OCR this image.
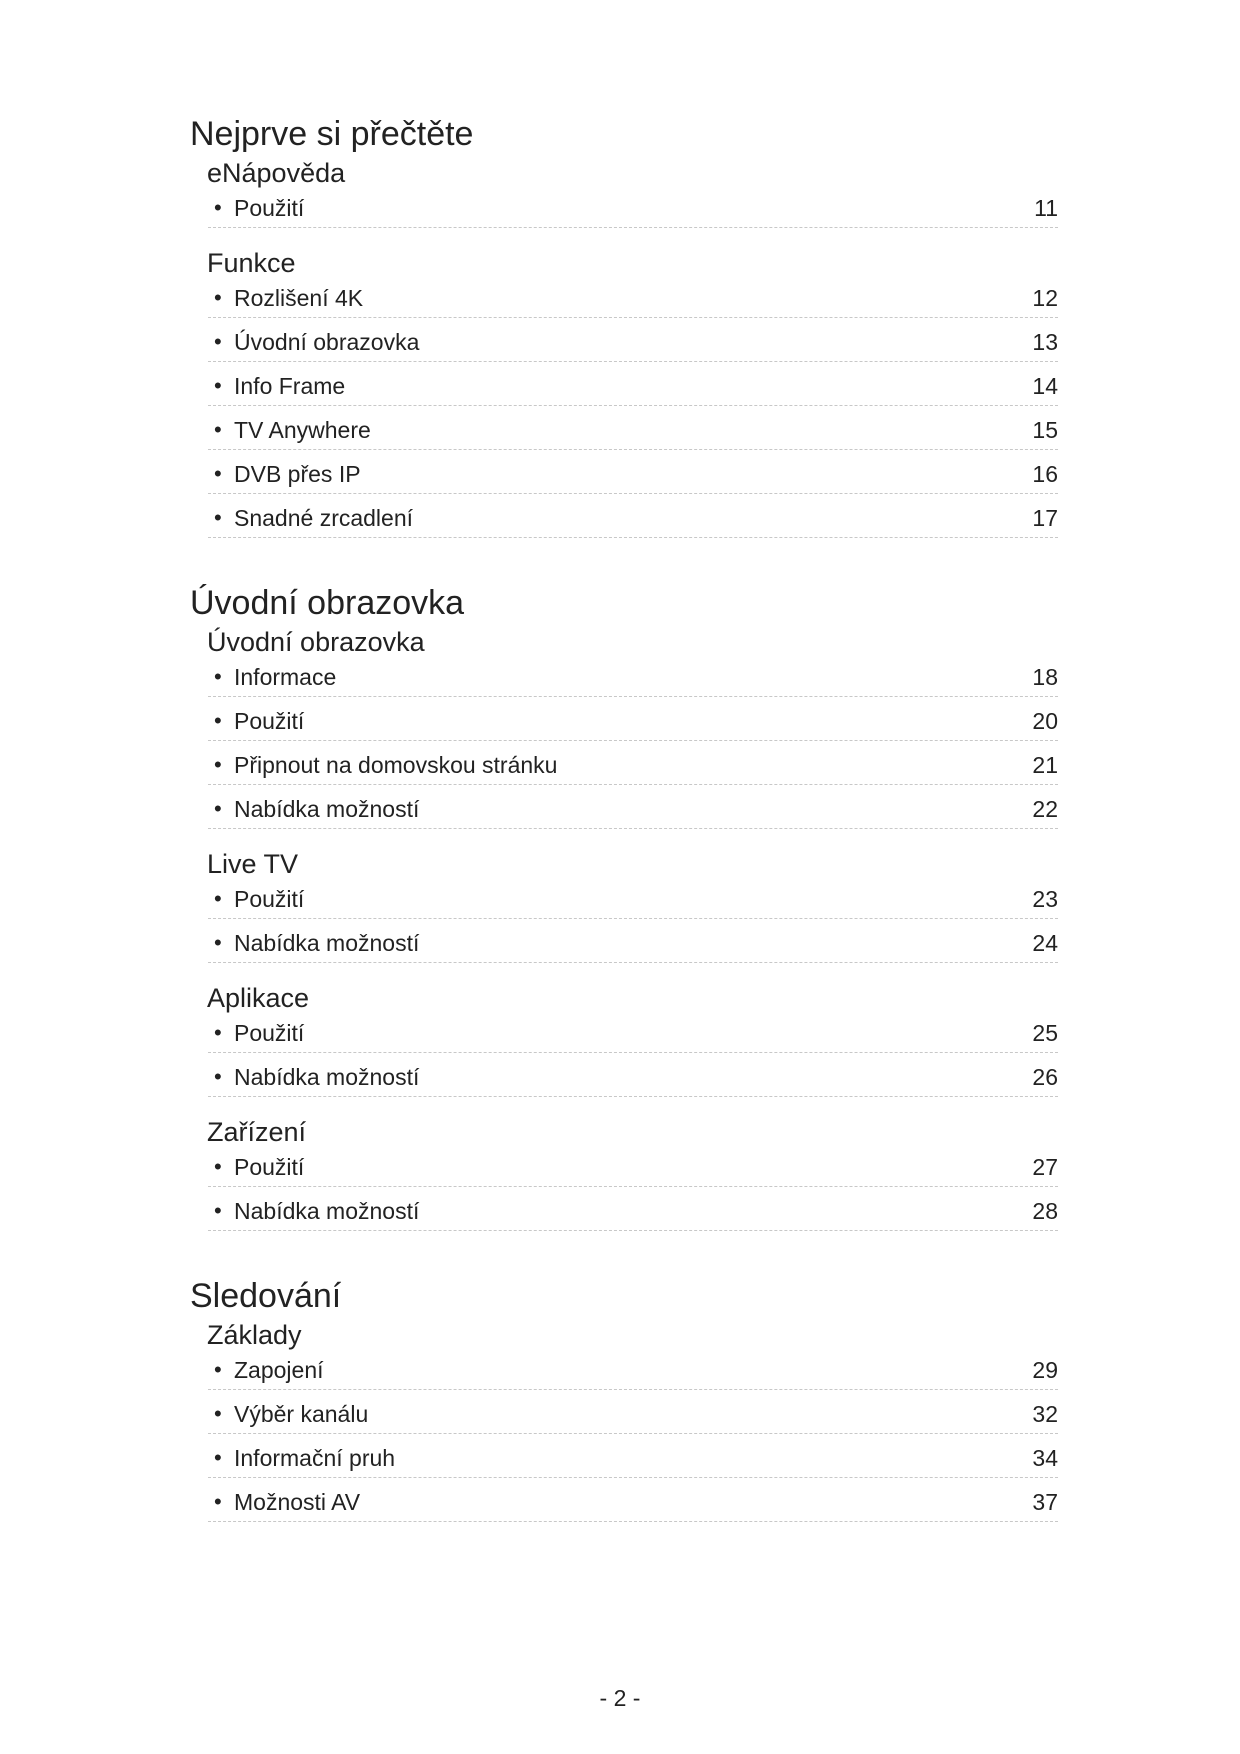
Nejprve si přečtěte
eNápověda
• Použití	11
Funkce
• Rozlišení 4K	12
• Úvodní obrazovka	13
• Info Frame	14
• TV Anywhere	15
• DVB přes IP	16
• Snadné zrcadlení	17
Úvodní obrazovka
Úvodní obrazovka
• Informace	18
• Použití	20
• Připnout na domovskou stránku	21
• Nabídka možností	22
Live TV
• Použití	23
• Nabídka možností	24
Aplikace
• Použití	25
• Nabídka možností	26
Zařízení
• Použití	27
• Nabídka možností	28
Sledování
Základy
• Zapojení	29
• Výběr kanálu	32
• Informační pruh	34
• Možnosti AV	37
- 2 -
